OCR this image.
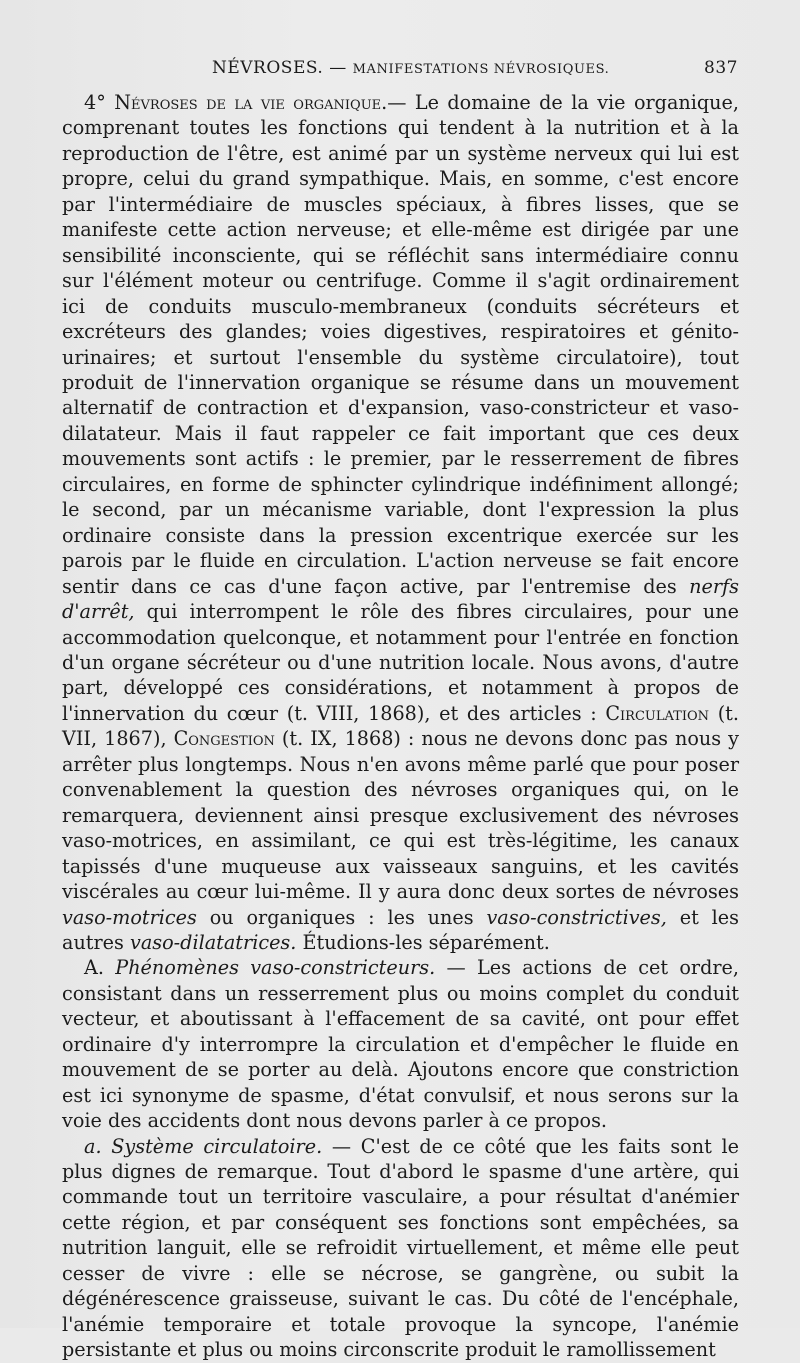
NÉVROSES. — MANIFESTATIONS NÉVROSIQUES.	837

4° Névroses de la vie organique.— Le domaine de la vie organique, comprenant toutes les fonctions qui tendent à la nutrition et à la reproduction de l'être, est animé par un système nerveux qui lui est propre, celui du grand sympathique. Mais, en somme, c'est encore par l'intermédiaire de muscles spéciaux, à fibres lisses, que se manifeste cette action nerveuse; et elle-même est dirigée par une sensibilité inconsciente, qui se réfléchit sans intermédiaire connu sur l'élément moteur ou centrifuge. Comme il s'agit ordinairement ici de conduits musculo-membraneux (conduits sécréteurs et excréteurs des glandes; voies digestives, respiratoires et génito-urinaires; et surtout l'ensemble du système circulatoire), tout produit de l'innervation organique se résume dans un mouvement alternatif de contraction et d'expansion, vaso-constricteur et vaso-dilatateur. Mais il faut rappeler ce fait important que ces deux mouvements sont actifs : le premier, par le resserrement de fibres circulaires, en forme de sphincter cylindrique indéfiniment allongé; le second, par un mécanisme variable, dont l'expression la plus ordinaire consiste dans la pression excentrique exercée sur les parois par le fluide en circulation. L'action nerveuse se fait encore sentir dans ce cas d'une façon active, par l'entremise des nerfs d'arrêt, qui interrompent le rôle des fibres circulaires, pour une accommodation quelconque, et notamment pour l'entrée en fonction d'un organe sécréteur ou d'une nutrition locale. Nous avons, d'autre part, développé ces considérations, et notamment à propos de l'innervation du cœur (t. VIII, 1868), et des articles : Circulation (t. VII, 1867), Congestion (t. IX, 1868) : nous ne devons donc pas nous y arrêter plus longtemps. Nous n'en avons même parlé que pour poser convenablement la question des névroses organiques qui, on le remarquera, deviennent ainsi presque exclusivement des névroses vaso-motrices, en assimilant, ce qui est très-légitime, les canaux tapissés d'une muqueuse aux vaisseaux sanguins, et les cavités viscérales au cœur lui-même. Il y aura donc deux sortes de névroses vaso-motrices ou organiques : les unes vaso-constrictives, et les autres vaso-dilatatrices. Étudions-les séparément.

A. Phénomènes vaso-constricteurs. — Les actions de cet ordre, consistant dans un resserrement plus ou moins complet du conduit vecteur, et aboutissant à l'effacement de sa cavité, ont pour effet ordinaire d'y interrompre la circulation et d'empêcher le fluide en mouvement de se porter au delà. Ajoutons encore que constriction est ici synonyme de spasme, d'état convulsif, et nous serons sur la voie des accidents dont nous devons parler à ce propos.

a. Système circulatoire. — C'est de ce côté que les faits sont le plus dignes de remarque. Tout d'abord le spasme d'une artère, qui commande tout un territoire vasculaire, a pour résultat d'anémier cette région, et par conséquent ses fonctions sont empêchées, sa nutrition languit, elle se refroidit virtuellement, et même elle peut cesser de vivre : elle se nécrose, se gangrène, ou subit la dégénérescence graisseuse, suivant le cas. Du côté de l'encéphale, l'anémie temporaire et totale provoque la syncope, l'anémie persistante et plus ou moins circonscrite produit le ramollissement
